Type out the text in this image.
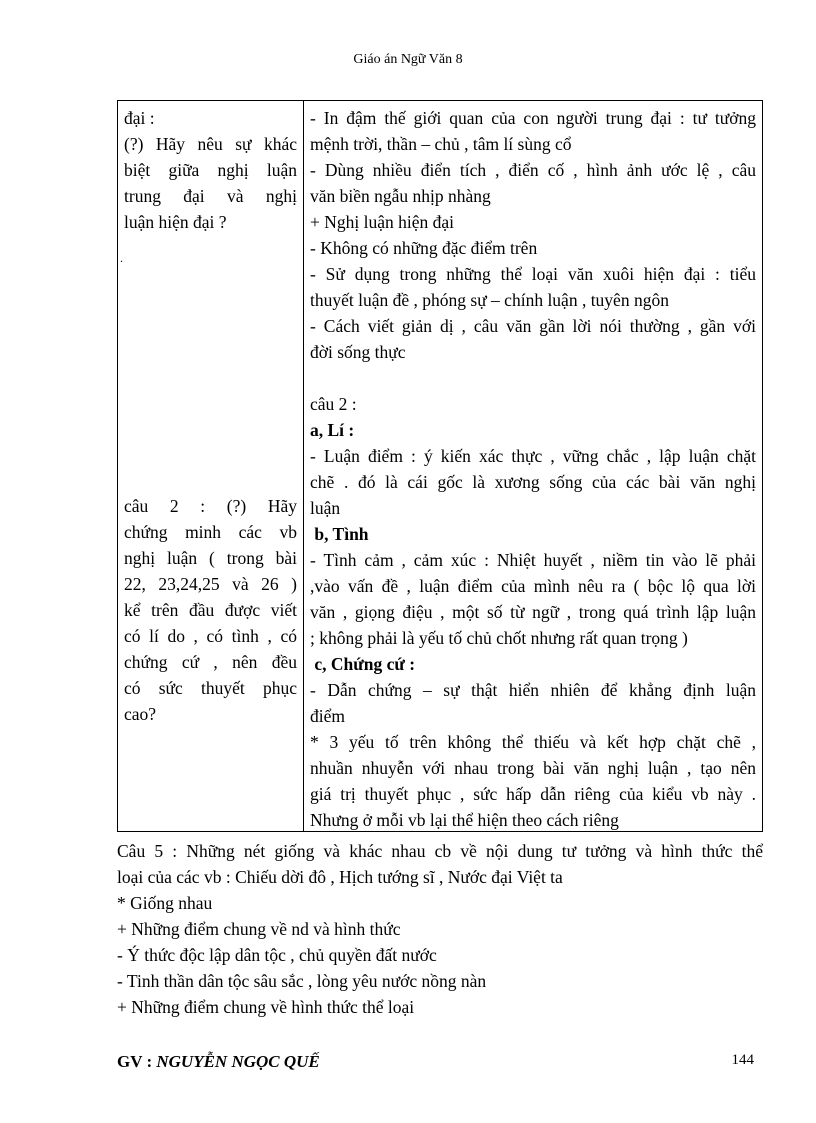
Giáo án Ngữ Văn 8
đại :
(?) Hãy nêu sự khác
biệt giữa nghị luận
trung đại và nghị
luận hiện đại ?
.
câu 2 : (?) Hãy
chứng minh các vb
nghị luận ( trong bài
22, 23,24,25 và 26 )
kể trên đầu được viết
có lí do , có tình , có
chứng cứ , nên đều
có sức thuyết phục
cao?
- In đậm thế giới quan của con người trung đại : tư tưởng
mệnh trời, thần – chủ , tâm lí sùng cổ
- Dùng nhiều điển tích , điển cố , hình ảnh ước lệ , câu
văn biền ngẫu nhịp nhàng
+ Nghị luận hiện đại
- Không có những đặc điểm trên
- Sử dụng trong những thể loại văn xuôi hiện đại : tiểu
thuyết luận đề , phóng sự – chính luận , tuyên ngôn
- Cách viết giản dị , câu văn gần lời nói thường , gần với
đời sống thực
câu 2 :
a, Lí :
- Luận điểm : ý kiến xác thực , vững chắc , lập luận chặt
chẽ . đó là cái gốc là xương sống của các bài văn nghị
luận
b, Tình
- Tình cảm , cảm xúc : Nhiệt huyết , niềm tin vào lẽ phải
,vào vấn đề , luận điểm của mình nêu ra ( bộc lộ qua lời
văn , giọng điệu , một số từ ngữ , trong quá trình lập luận
; không phải là yếu tố chủ chốt nhưng rất quan trọng )
c, Chứng cứ :
- Dẫn chứng – sự thật hiển nhiên để khẳng định luận
điểm
* 3 yếu tố trên không thể thiếu và kết hợp chặt chẽ ,
nhuần nhuyễn với nhau trong bài văn nghị luận , tạo nên
giá trị thuyết phục , sức hấp dẫn riêng của kiểu vb này .
Nhưng ở mỗi vb lại thể hiện theo cách riêng
Câu 5 : Những nét giống và khác nhau cb về nội dung tư tưởng và hình thức thể
loại của các vb : Chiếu dời đô , Hịch tướng sĩ , Nước đại Việt ta
* Giống nhau
+ Những điểm chung về nd và hình thức
- Ý thức độc lập dân tộc , chủ quyền đất nước
- Tinh thần dân tộc sâu sắc , lòng yêu nước nồng nàn
+ Những điểm chung về hình thức thể loại
GV : NGUYỄN NGỌC QUẾ	144
